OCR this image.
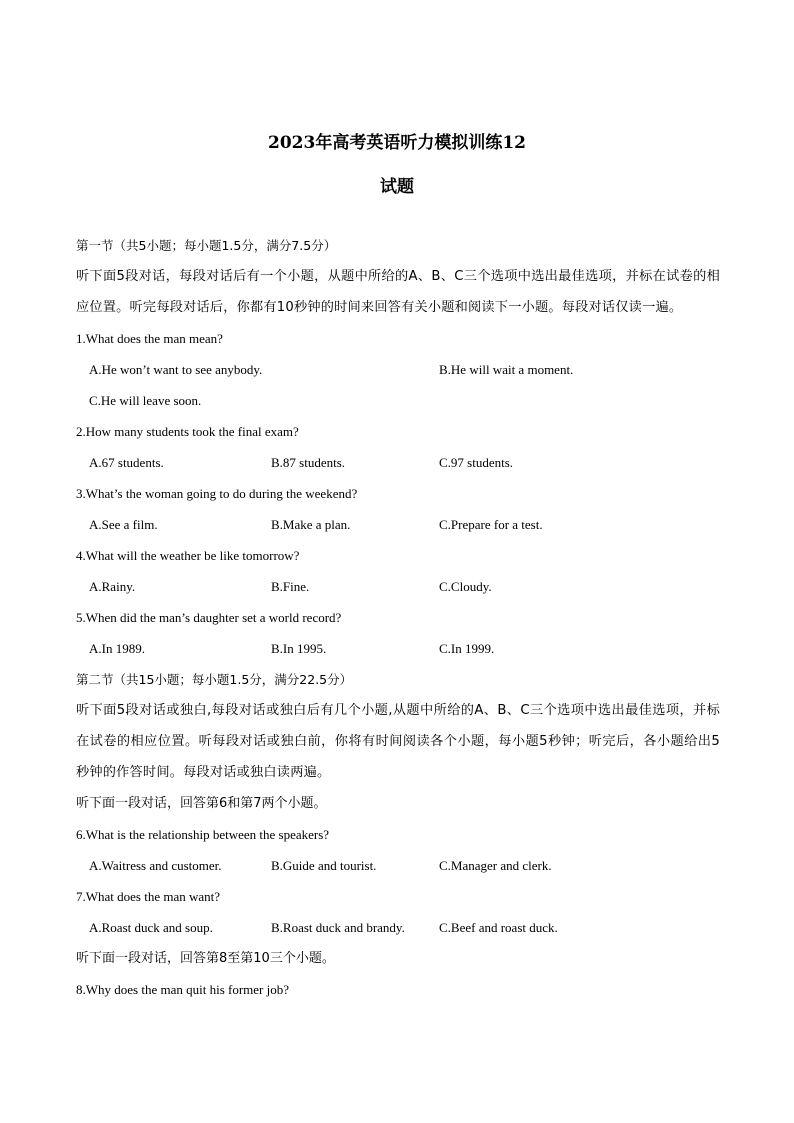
2023年高考英语听力模拟训练12
试题
第一节（共5小题；每小题1.5分，满分7.5分）
听下面5段对话，每段对话后有一个小题，从题中所给的A、B、C三个选项中选出最佳选项，并标在试卷的相应位置。听完每段对话后，你都有10秒钟的时间来回答有关小题和阅读下一小题。每段对话仅读一遍。
1.What does the man mean?
A.He won’t want to see anybody.	B.He will wait a moment.
C.He will leave soon.
2.How many students took the final exam?
A.67 students.	B.87 students.	C.97 students.
3.What’s the woman going to do during the weekend?
A.See a film.	B.Make a plan.	C.Prepare for a test.
4.What will the weather be like tomorrow?
A.Rainy.	B.Fine.	C.Cloudy.
5.When did the man’s daughter set a world record?
A.In 1989.	B.In 1995.	C.In 1999.
第二节（共15小题；每小题1.5分，满分22.5分）
听下面5段对话或独白,每段对话或独白后有几个小题,从题中所给的A、B、C三个选项中选出最佳选项，并标在试卷的相应位置。听每段对话或独白前，你将有时间阅读各个小题，每小题5秒钟；听完后，各小题给出5秒钟的作答时间。每段对话或独白读两遍。
听下面一段对话，回答第6和第7两个小题。
6.What is the relationship between the speakers?
A.Waitress and customer.	B.Guide and tourist.	C.Manager and clerk.
7.What does the man want?
A.Roast duck and soup.	B.Roast duck and brandy.	C.Beef and roast duck.
听下面一段对话，回答第8至第10三个小题。
8.Why does the man quit his former job?
